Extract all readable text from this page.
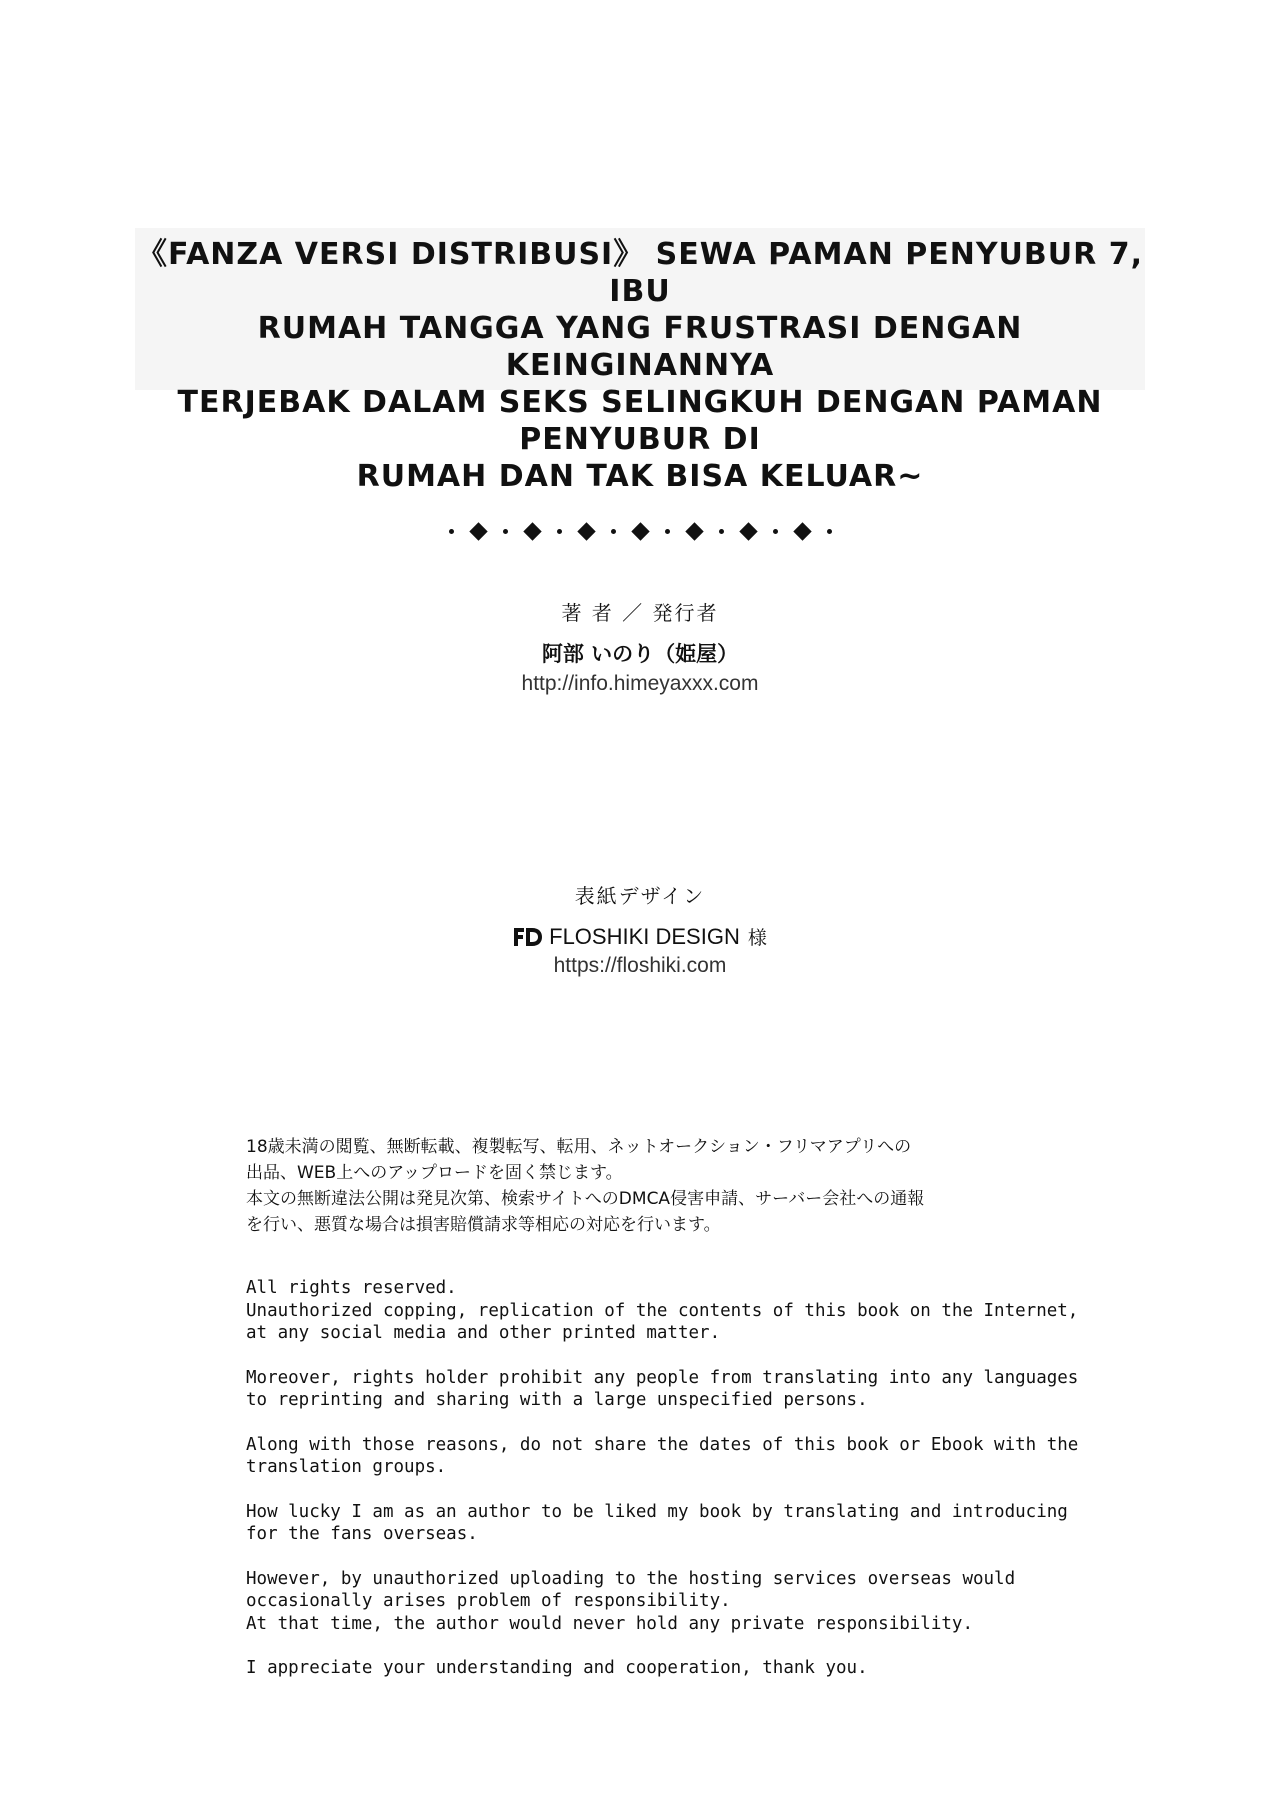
《FANZA VERSI DISTRIBUSI》 SEWA PAMAN PENYUBUR 7, IBU
RUMAH TANGGA YANG FRUSTRASI DENGAN KEINGINANNYA
TERJEBAK DALAM SEKS SELINGKUH DENGAN PAMAN PENYUBUR DI
RUMAH DAN TAK BISA KELUAR~
著 者 ／ 発行者
阿部 いのり（姫屋）
http://info.himeyaxxx.com
表紙デザイン
FLOSHIKI DESIGN 様
https://floshiki.com

18歳未満の閲覧、無断転載、複製転写、転用、ネットオークション・フリマアプリへの

出品、WEB上へのアップロードを固く禁じます。

本文の無断違法公開は発見次第、検索サイトへのDMCA侵害申請、サーバー会社への通報

を行い、悪質な場合は損害賠償請求等相応の対応を行います。

All rights reserved.
Unauthorized copping, replication of the contents of this book on the Internet,
at any social media and other printed matter.

Moreover, rights holder prohibit any people from translating into any languages
to reprinting and sharing with a large unspecified persons.

Along with those reasons, do not share the dates of this book or Ebook with the
translation groups.

How lucky I am as an author to be liked my book by translating and introducing
for the fans overseas.

However, by unauthorized uploading to the hosting services overseas would
occasionally arises problem of responsibility.
At that time, the author would never hold any private responsibility.

I appreciate your understanding and cooperation, thank you.
